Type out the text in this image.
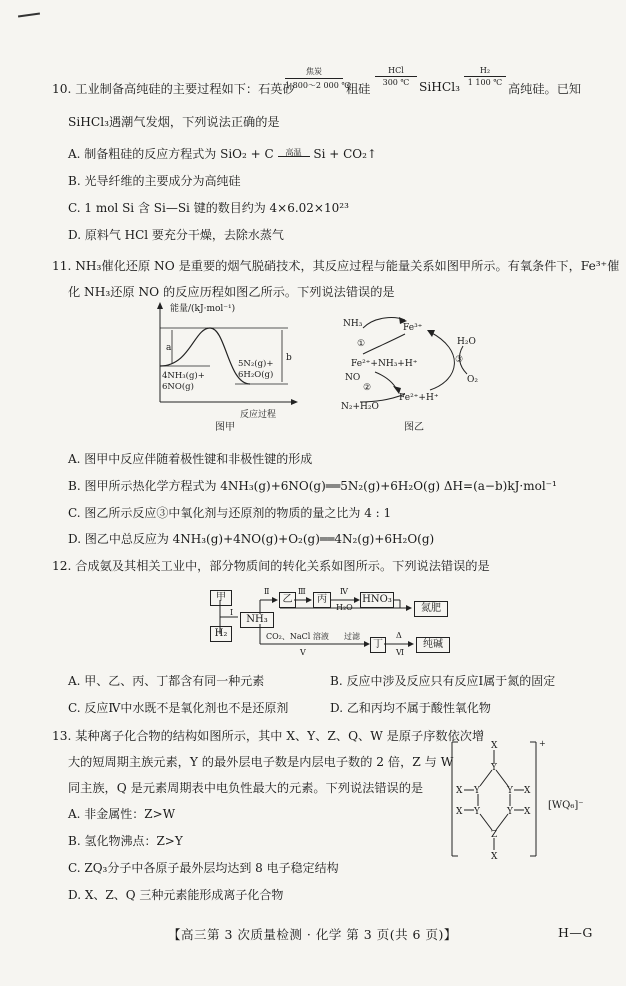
10. 工业制备高纯硅的主要过程如下：石英砂
焦炭
1 800～2 000 ℃
粗硅
HCl
300 ℃ SiHCl₃
H₂
1 100 ℃ 高纯硅。已知
SiHCl₃遇潮气发烟，下列说法正确的是
A. 制备粗硅的反应方程式为 SiO₂ + C	高温 Si + CO₂↑
B. 光导纤维的主要成分为高纯硅
C. 1 mol Si 含 Si—Si 键的数目约为 4×6.02×10²³
D. 原料气 HCl 要充分干燥，去除水蒸气
11. NH₃催化还原 NO 是重要的烟气脱硝技术，其反应过程与能量关系如图甲所示。有氧条件下，Fe³⁺催
化 NH₃还原 NO 的反应历程如图乙所示。下列说法错误的是
能量/(kJ·mol⁻¹)
a
b
4NH₃(g)+
6NO(g)
5N₂(g)+
6H₂O(g)
反应过程
图甲
NH₃	Fe³⁺
①
Fe²⁺+NH₃+H⁺
NO
②
N₂+H₂O
Fe²⁺+H⁺
H₂O
③
O₂
图乙
A. 图甲中反应伴随着极性键和非极性键的形成
B. 图甲所示热化学方程式为 4NH₃(g)+6NO(g)══5N₂(g)+6H₂O(g) ΔH=(a−b)kJ·mol⁻¹
C. 图乙所示反应③中氧化剂与还原剂的物质的量之比为 4 : 1
D. 图乙中总反应为 4NH₃(g)+4NO(g)+O₂(g)══4N₂(g)+6H₂O(g)
12. 合成氨及其相关工业中，部分物质间的转化关系如图所示。下列说法错误的是
甲
H₂
Ⅰ
NH₃
Ⅱ
乙
Ⅲ
丙
Ⅳ
H₂O
HNO₃
氮肥
CO₂、NaCl 溶液
Ⅴ
过滤
丁
Δ
Ⅵ
纯碱
A. 甲、乙、丙、丁都含有同一种元素	B. 反应中涉及反应只有反应Ⅰ属于氮的固定
C. 反应Ⅳ中水既不是氧化剂也不是还原剂	D. 乙和丙均不属于酸性氧化物
13. 某种离子化合物的结构如图所示，其中 X、Y、Z、Q、W 是原子序数依次增
大的短周期主族元素，Y 的最外层电子数是内层电子数的 2 倍，Z 与 W
同主族，Q 是元素周期表中电负性最大的元素。下列说法错误的是
A. 非金属性：Z>W
B. 氢化物沸点：Z>Y
C. ZQ₃分子中各原子最外层均达到 8 电子稳定结构
D. X、Z、Q 三种元素能形成离子化合物
X
Y
Y	Y
Y	Y
Z
X
X
X
X
X
+
[WQ₆]⁻
【高三第 3 次质量检测 · 化学 第 3 页(共 6 页)】	H—G
